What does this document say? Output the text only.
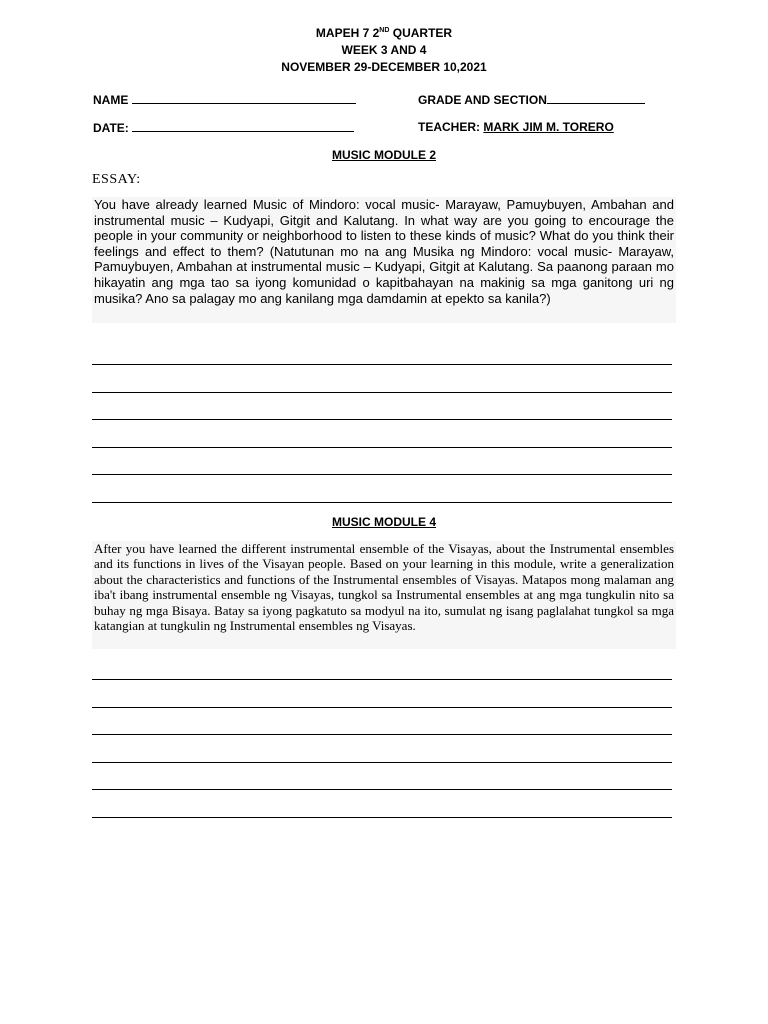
MAPEH 7 2ND QUARTER
WEEK 3 AND 4
NOVEMBER 29-DECEMBER 10,2021
NAME	GRADE AND SECTION
DATE:	TEACHER: MARK JIM M. TORERO
MUSIC MODULE 2
ESSAY:
You have already learned Music of Mindoro: vocal music- Marayaw, Pamuybuyen, Ambahan and instrumental music – Kudyapi, Gitgit and Kalutang. In what way are you going to encourage the people in your community or neighborhood to listen to these kinds of music? What do you think their feelings and effect to them? (Natutunan mo na ang Musika ng Mindoro: vocal music- Marayaw, Pamuybuyen, Ambahan at instrumental music – Kudyapi, Gitgit at Kalutang. Sa paanong paraan mo hikayatin ang mga tao sa iyong komunidad o kapitbahayan na makinig sa mga ganitong uri ng musika? Ano sa palagay mo ang kanilang mga damdamin at epekto sa kanila?)
MUSIC MODULE 4
After you have learned the different instrumental ensemble of the Visayas, about the Instrumental ensembles and its functions in lives of the Visayan people. Based on your learning in this module, write a generalization about the characteristics and functions of the Instrumental ensembles of Visayas. Matapos mong malaman ang iba't ibang instrumental ensemble ng Visayas, tungkol sa Instrumental ensembles at ang mga tungkulin nito sa buhay ng mga Bisaya. Batay sa iyong pagkatuto sa modyul na ito, sumulat ng isang paglalahat tungkol sa mga katangian at tungkulin ng Instrumental ensembles ng Visayas.
